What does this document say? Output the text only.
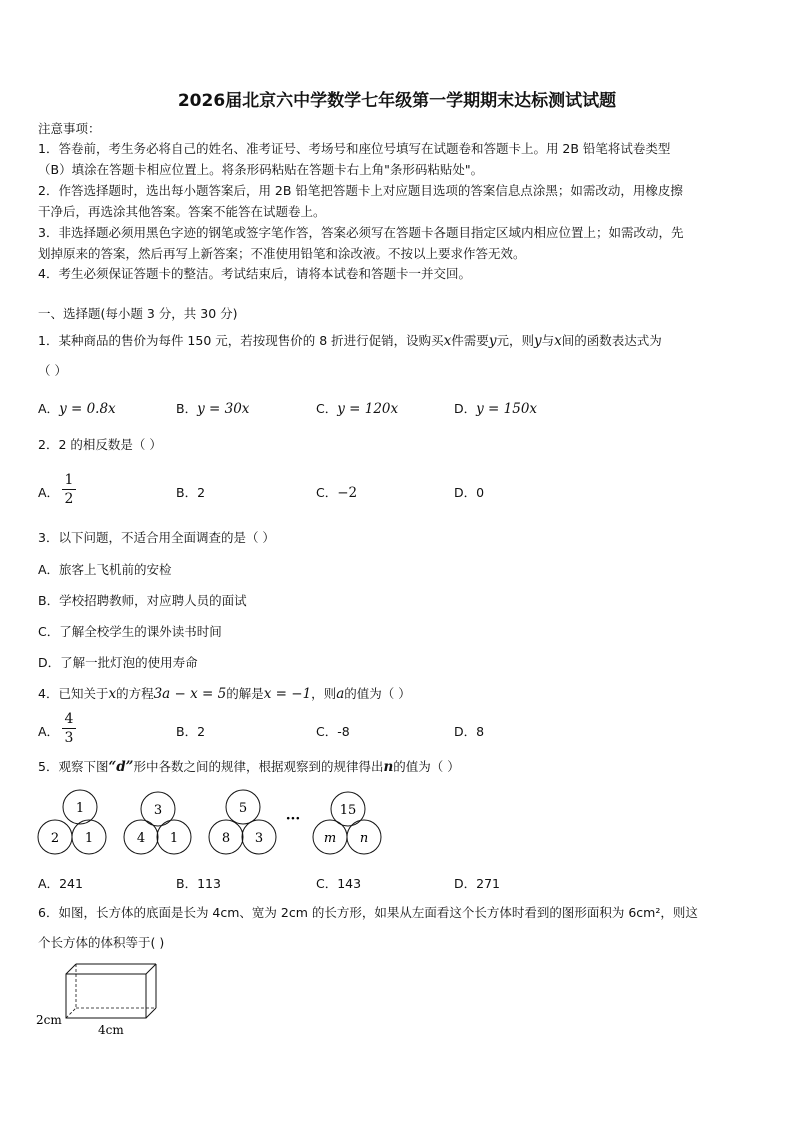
2026届北京六中学数学七年级第一学期期末达标测试试题
注意事项：
1．答卷前，考生务必将自己的姓名、准考证号、考场号和座位号填写在试题卷和答题卡上。用 2B 铅笔将试卷类型
（B）填涂在答题卡相应位置上。将条形码粘贴在答题卡右上角"条形码粘贴处"。
2．作答选择题时，选出每小题答案后，用 2B 铅笔把答题卡上对应题目选项的答案信息点涂黑；如需改动，用橡皮擦
干净后，再选涂其他答案。答案不能答在试题卷上。
3．非选择题必须用黑色字迹的钢笔或签字笔作答，答案必须写在答题卡各题目指定区域内相应位置上；如需改动，先
划掉原来的答案，然后再写上新答案；不准使用铅笔和涂改液。不按以上要求作答无效。
4．考生必须保证答题卡的整洁。考试结束后，请将本试卷和答题卡一并交回。
一、选择题(每小题 3 分，共 30 分)
1．某种商品的售价为每件 150 元，若按现售价的 8 折进行促销，设购买x件需要y元，则y与x间的函数表达式为
（ ）
A．y = 0.8x	B．y = 30x	C．y = 120x	D．y = 150x
2．2 的相反数是（ ）
A．
1
2	B．2	C．−2	D．0
3．以下问题，不适合用全面调查的是（ ）
A．旅客上飞机前的安检
B．学校招聘教师，对应聘人员的面试
C．了解全校学生的课外读书时间
D．了解一批灯泡的使用寿命
4．已知关于x的方程3a − x = 5的解是x = −1，则a的值为（ ）
A．
4
3	B．2	C．-8	D．8
5．观察下图“d”形中各数之间的规律，根据观察到的规律得出n的值为（ ）
1
2 1
3
4 1
5
8 3
···
15
m n
A．241	B．113	C．143	D．271
6．如图，长方体的底面是长为 4cm、宽为 2cm 的长方形，如果从左面看这个长方体时看到的图形面积为 6cm²，则这
个长方体的体积等于( )
2cm
4cm
